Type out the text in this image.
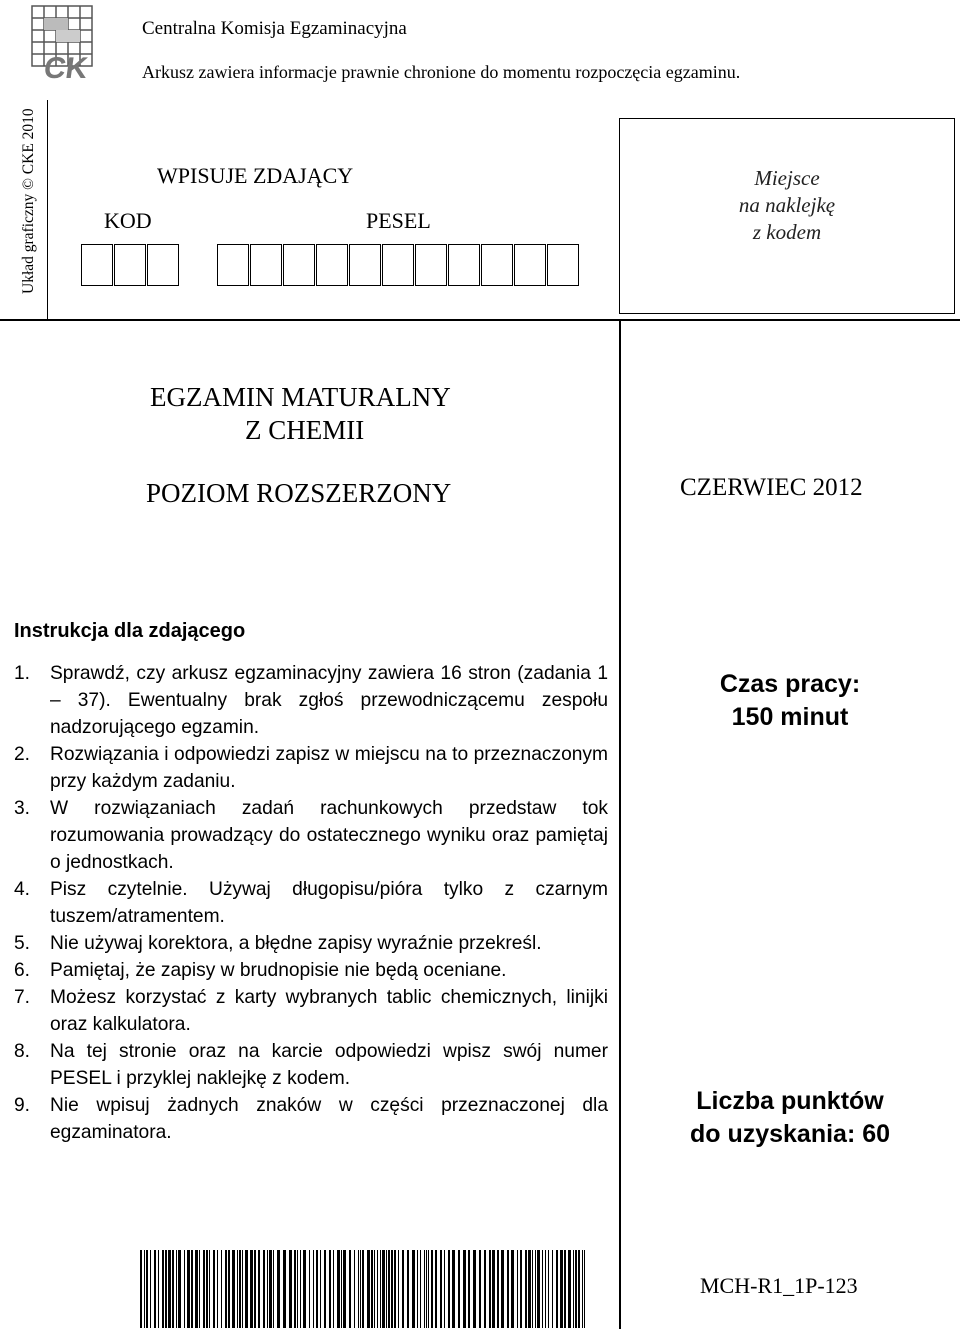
CK
Centralna Komisja Egzaminacyjna
Arkusz zawiera informacje prawnie chronione do momentu rozpoczęcia egzaminu.
Układ graficzny © CKE 2010	WPISUJE ZDAJĄCY
KOD	PESEL
Miejsce
na naklejkę
z kodem
EGZAMIN MATURALNY
Z CHEMII
POZIOM ROZSZERZONY	CZERWIEC 2012
Instrukcja dla zdającego
1. Sprawdź, czy arkusz egzaminacyjny zawiera 16 stron (zadania 1 – 37). Ewentualny brak zgłoś przewodniczącemu zespołu nadzorującego egzamin.
2. Rozwiązania i odpowiedzi zapisz w miejscu na to przeznaczonym przy każdym zadaniu.
3. W rozwiązaniach zadań rachunkowych przedstaw tok rozumowania prowadzący do ostatecznego wyniku oraz pamiętaj o jednostkach.
4. Pisz czytelnie. Używaj długopisu/pióra tylko z czarnym tuszem/atramentem.
5. Nie używaj korektora, a błędne zapisy wyraźnie przekreśl.
6. Pamiętaj, że zapisy w brudnopisie nie będą oceniane.
7. Możesz korzystać z karty wybranych tablic chemicznych, linijki oraz kalkulatora.
8. Na tej stronie oraz na karcie odpowiedzi wpisz swój numer PESEL i przyklej naklejkę z kodem.
9. Nie wpisuj żadnych znaków w części przeznaczonej dla egzaminatora.
Czas pracy:
150 minut
Liczba punktów
do uzyskania: 60
MCH-R1_1P-123
